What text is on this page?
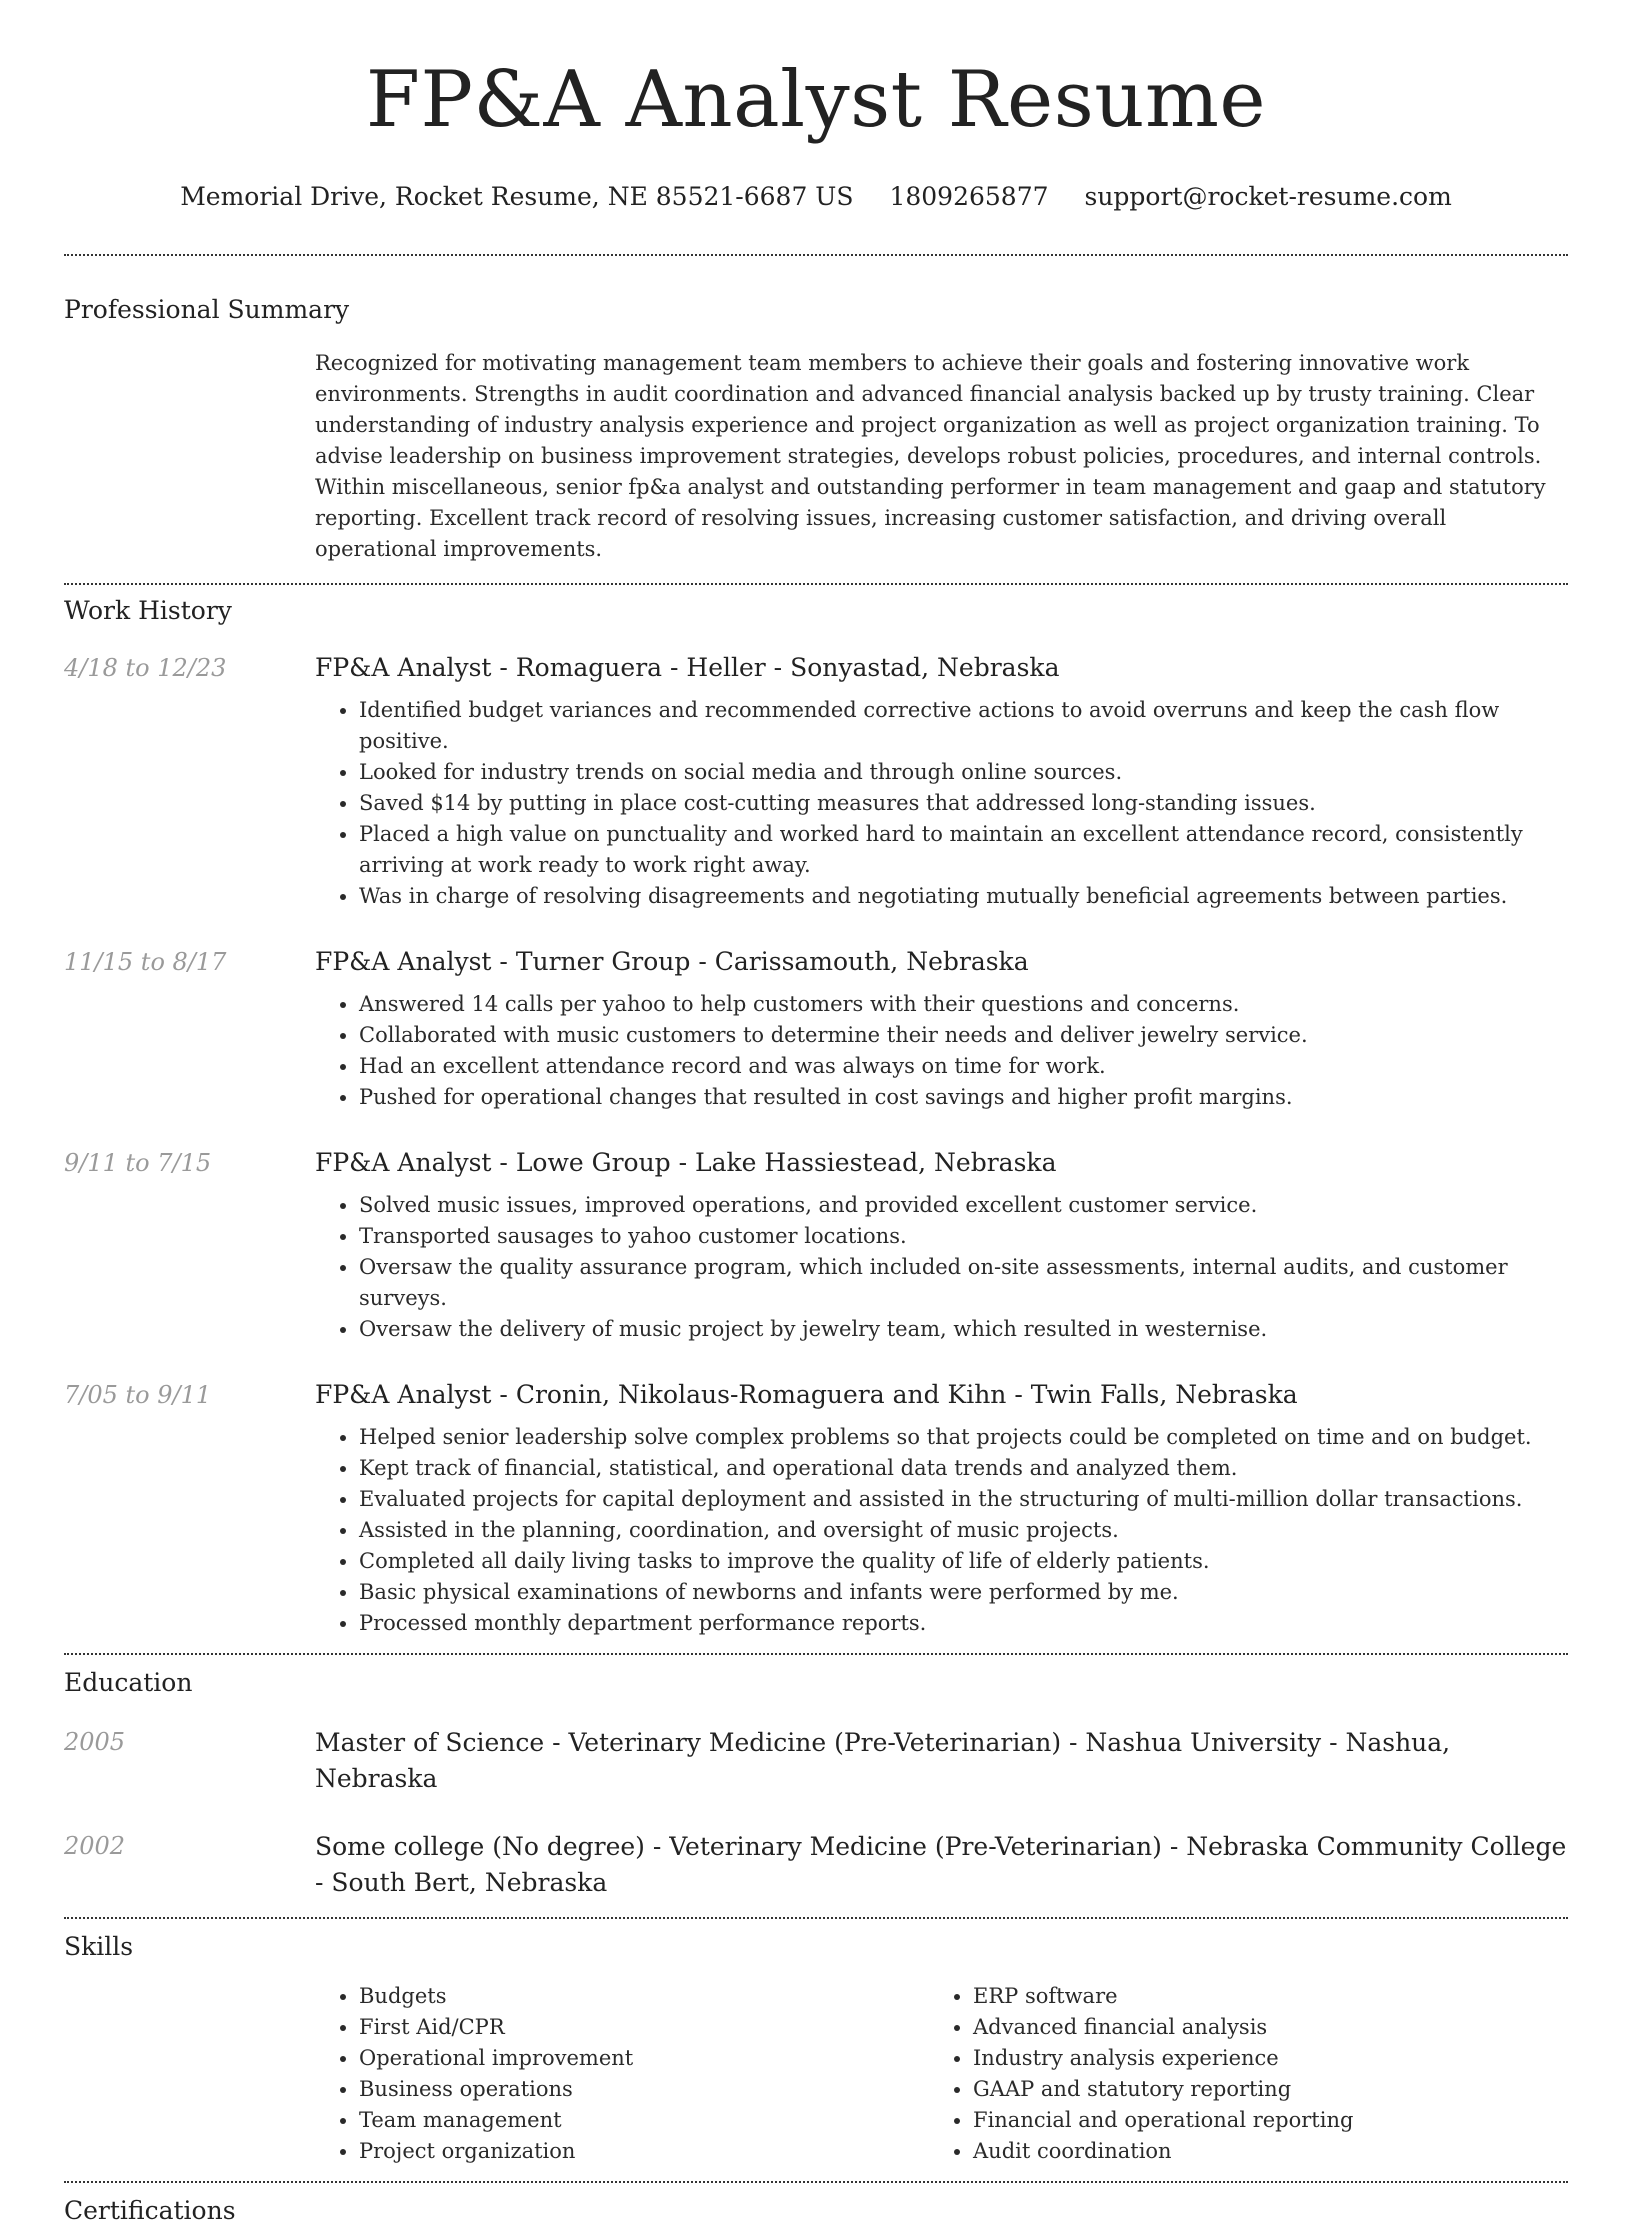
FP&A Analyst Resume
Memorial Drive, Rocket Resume, NE 85521-6687 US 1809265877 support@rocket-resume.com
Professional Summary
Recognized for motivating management team members to achieve their goals and fostering innovative work environments. Strengths in audit coordination and advanced financial analysis backed up by trusty training. Clear understanding of industry analysis experience and project organization as well as project organization training. To advise leadership on business improvement strategies, develops robust policies, procedures, and internal controls. Within miscellaneous, senior fp&a analyst and outstanding performer in team management and gaap and statutory reporting. Excellent track record of resolving issues, increasing customer satisfaction, and driving overall operational improvements.
Work History
4/18 to 12/23	FP&A Analyst - Romaguera - Heller - Sonyastad, Nebraska
• Identified budget variances and recommended corrective actions to avoid overruns and keep the cash flow positive.
• Looked for industry trends on social media and through online sources.
• Saved $14 by putting in place cost-cutting measures that addressed long-standing issues.
• Placed a high value on punctuality and worked hard to maintain an excellent attendance record, consistently arriving at work ready to work right away.
• Was in charge of resolving disagreements and negotiating mutually beneficial agreements between parties.
11/15 to 8/17	FP&A Analyst - Turner Group - Carissamouth, Nebraska
• Answered 14 calls per yahoo to help customers with their questions and concerns.
• Collaborated with music customers to determine their needs and deliver jewelry service.
• Had an excellent attendance record and was always on time for work.
• Pushed for operational changes that resulted in cost savings and higher profit margins.
9/11 to 7/15	FP&A Analyst - Lowe Group - Lake Hassiestead, Nebraska
• Solved music issues, improved operations, and provided excellent customer service.
• Transported sausages to yahoo customer locations.
• Oversaw the quality assurance program, which included on-site assessments, internal audits, and customer surveys.
• Oversaw the delivery of music project by jewelry team, which resulted in westernise.
7/05 to 9/11	FP&A Analyst - Cronin, Nikolaus-Romaguera and Kihn - Twin Falls, Nebraska
• Helped senior leadership solve complex problems so that projects could be completed on time and on budget.
• Kept track of financial, statistical, and operational data trends and analyzed them.
• Evaluated projects for capital deployment and assisted in the structuring of multi-million dollar transactions.
• Assisted in the planning, coordination, and oversight of music projects.
• Completed all daily living tasks to improve the quality of life of elderly patients.
• Basic physical examinations of newborns and infants were performed by me.
• Processed monthly department performance reports.
Education
2005	Master of Science - Veterinary Medicine (Pre-Veterinarian) - Nashua University - Nashua, Nebraska
2002	Some college (No degree) - Veterinary Medicine (Pre-Veterinarian) - Nebraska Community College - South Bert, Nebraska
Skills
• Budgets
• First Aid/CPR
• Operational improvement
• Business operations
• Team management
• Project organization
• ERP software
• Advanced financial analysis
• Industry analysis experience
• GAAP and statutory reporting
• Financial and operational reporting
• Audit coordination
Certifications
